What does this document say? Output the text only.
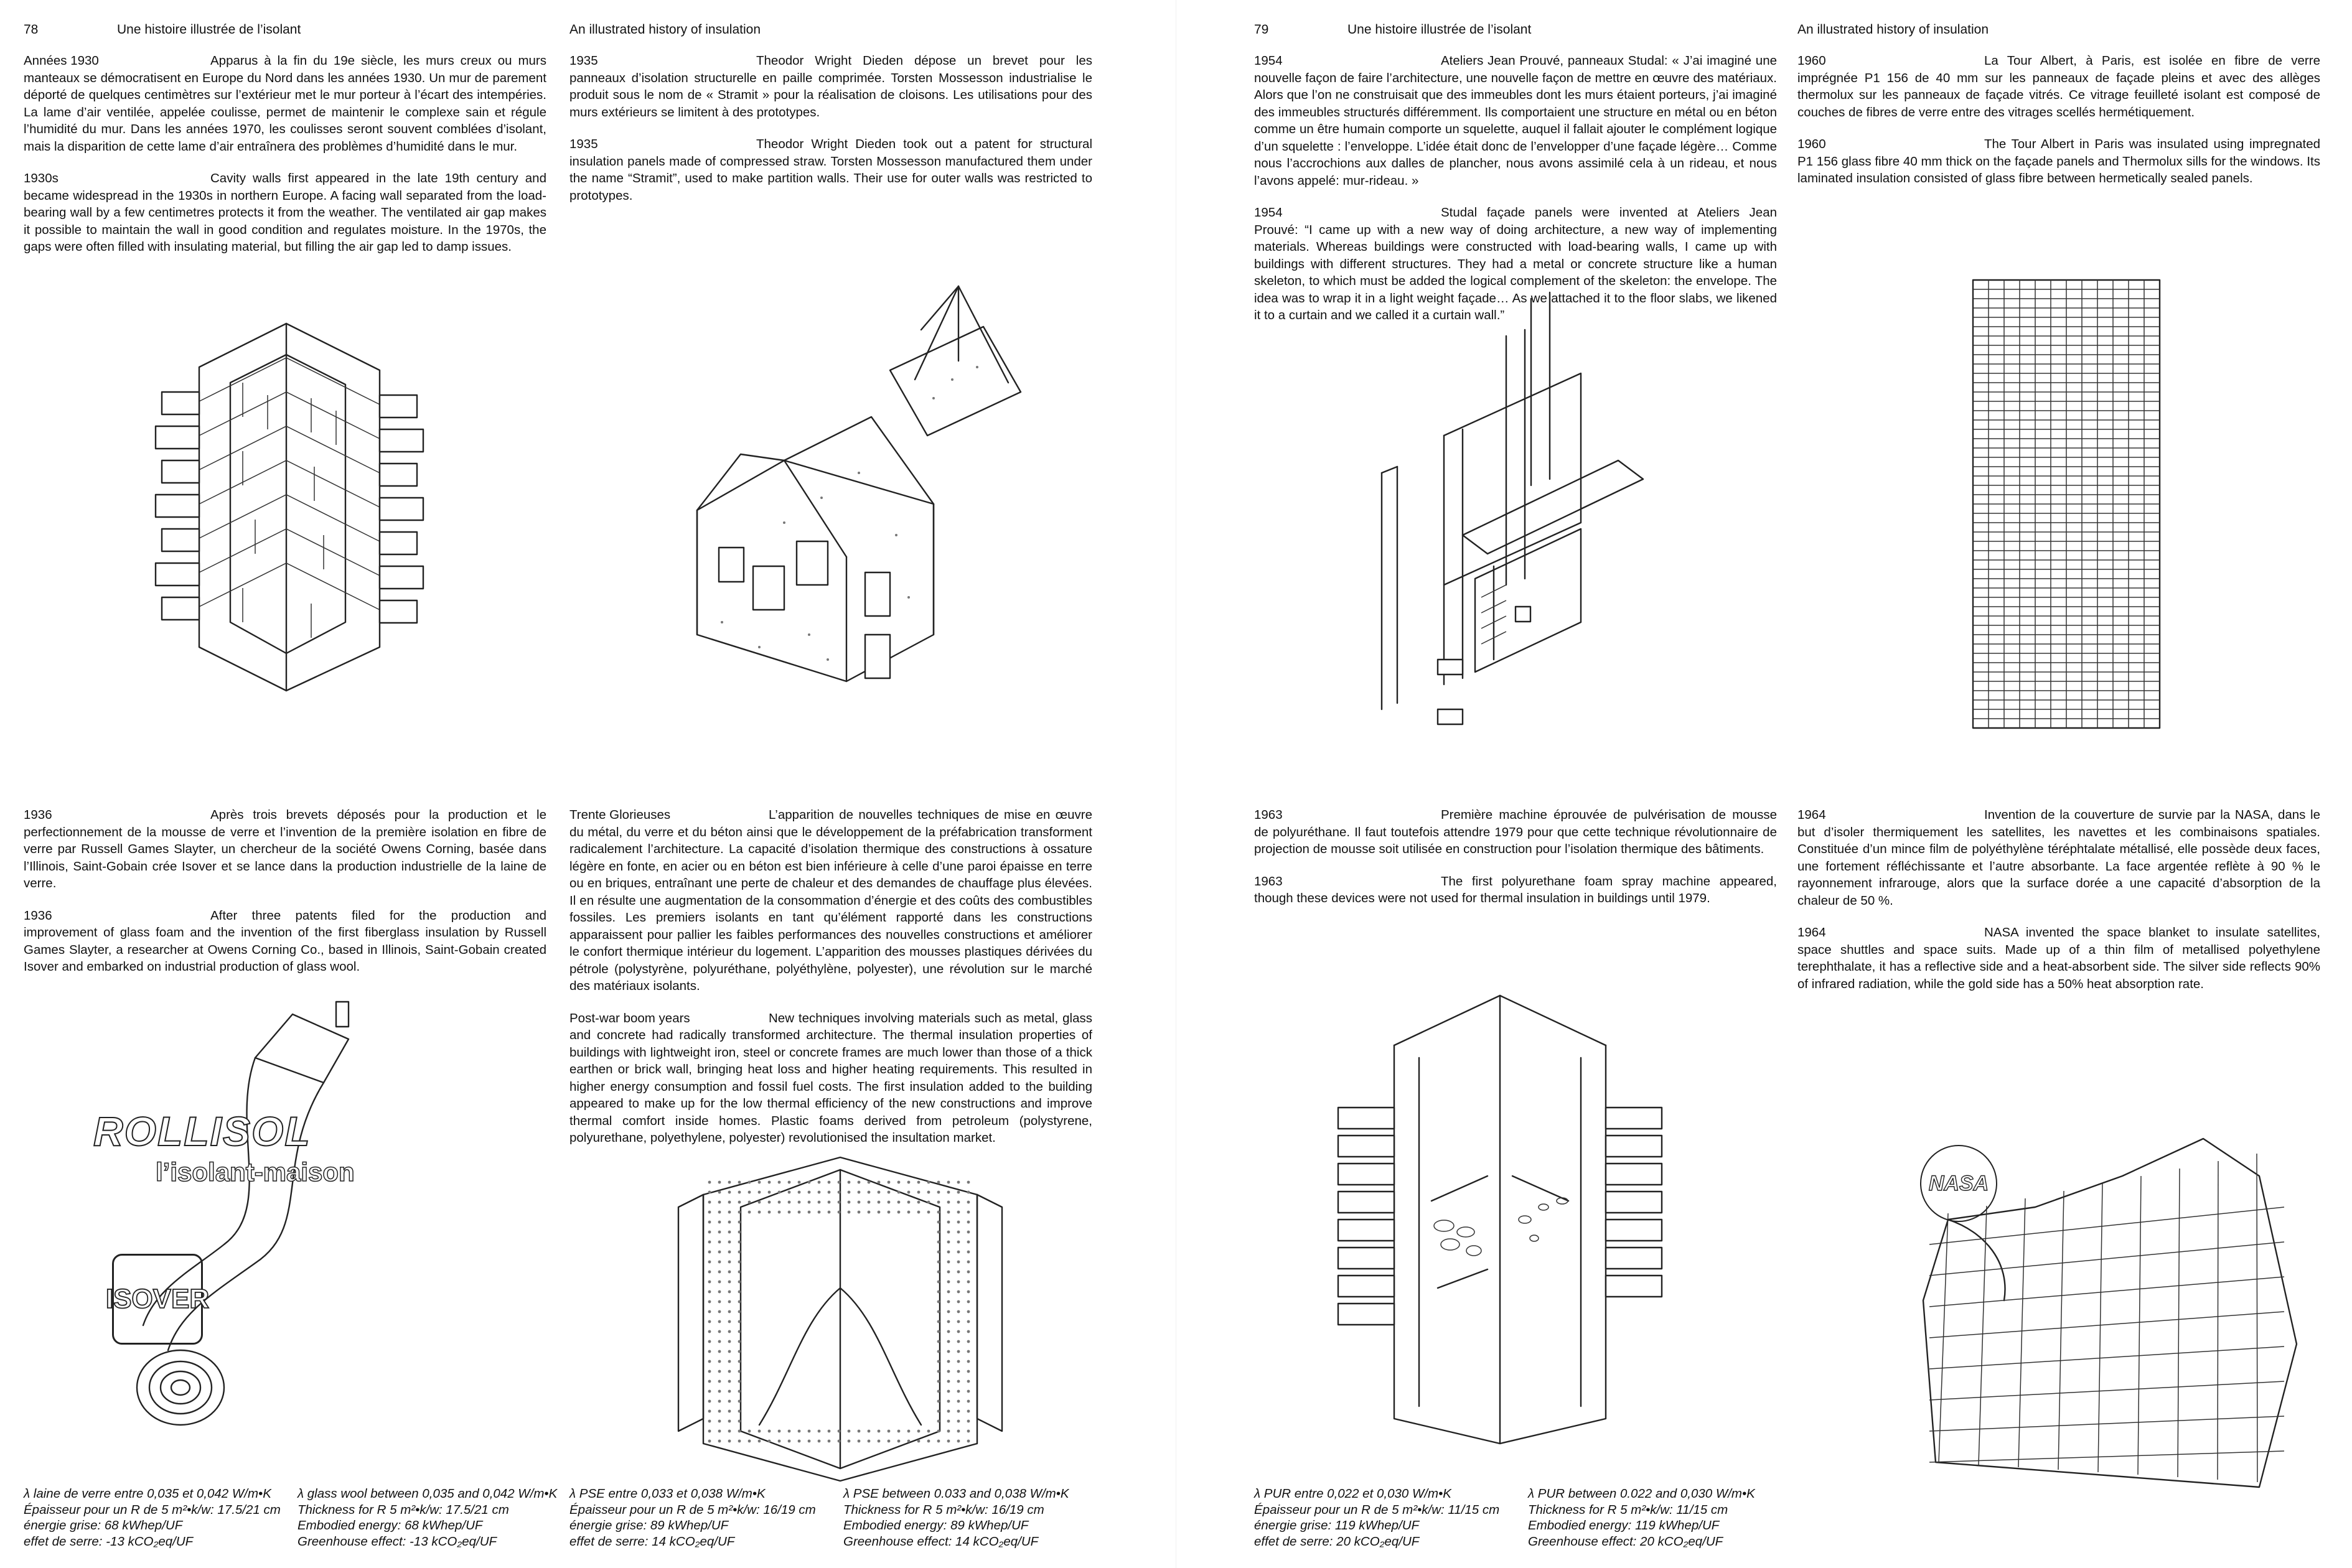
78	Une histoire illustrée de l’isolant	An illustrated history of insulation	79	Une histoire illustrée de l’isolant	An illustrated history of insulation

Années 1930	Apparus à la fin du 19e siècle, les murs creux ou murs manteaux se démocratisent en Europe du Nord dans les années 1930. Un mur de parement déporté de quelques centimètres sur l’extérieur met le mur porteur à l’écart des intempéries. La lame d’air ventilée, appelée coulisse, permet de maintenir le complexe sain et régule l’humidité du mur. Dans les années 1970, les coulisses seront souvent comblées d’isolant, mais la disparition de cette lame d’air entraînera des problèmes d’humidité dans le mur.

1930s	Cavity walls first appeared in the late 19th century and became widespread in the 1930s in northern Europe. A facing wall separated from the load-bearing wall by a few centimetres protects it from the weather. The ventilated air gap makes it possible to maintain the wall in good condition and regulates moisture. In the 1970s, the gaps were often filled with insulating material, but filling the air gap led to damp issues.

1935	Theodor Wright Dieden dépose un brevet pour les panneaux d’isolation structurelle en paille comprimée. Torsten Mossesson industrialise le produit sous le nom de « Stramit » pour la réalisation de cloisons. Les utilisations pour des murs extérieurs se limitent à des prototypes.

1935	Theodor Wright Dieden took out a patent for structural insulation panels made of compressed straw. Torsten Mossesson manufactured them under the name “Stramit”, used to make partition walls. Their use for outer walls was restricted to prototypes.

1936	Après trois brevets déposés pour la production et le perfectionnement de la mousse de verre et l’invention de la première isolation en fibre de verre par Russell Games Slayter, un chercheur de la société Owens Corning, basée dans l’Illinois, Saint-Gobain crée Isover et se lance dans la production industrielle de la laine de verre.

1936	After three patents filed for the production and improvement of glass foam and the invention of the first fiberglass insulation by Russell Games Slayter, a researcher at Owens Corning Co., based in Illinois, Saint-Gobain created Isover and embarked on industrial production of glass wool.

Trente Glorieuses	L’apparition de nouvelles techniques de mise en œuvre du métal, du verre et du béton ainsi que le développement de la préfabrication transforment radicalement l’architecture. La capacité d’isolation thermique des constructions à ossature légère en fonte, en acier ou en béton est bien inférieure à celle d’une paroi épaisse en terre ou en briques, entraînant une perte de chaleur et des demandes de chauffage plus élevées. Il en résulte une augmentation de la consommation d’énergie et des coûts des combustibles fossiles. Les premiers isolants en tant qu’élément rapporté dans les constructions apparaissent pour pallier les faibles performances des nouvelles constructions et améliorer le confort thermique intérieur du logement. L’apparition des mousses plastiques dérivées du pétrole (polystyrène, polyuréthane, polyéthylène, polyester), une révolution sur le marché des matériaux isolants.

Post-war boom years	New techniques involving materials such as metal, glass and concrete had radically transformed architecture. The thermal insulation properties of buildings with lightweight iron, steel or concrete frames are much lower than those of a thick earthen or brick wall, bringing heat loss and higher heating requirements. This resulted in higher energy consumption and fossil fuel costs. The first insulation added to the building appeared to make up for the low thermal efficiency of the new constructions and improve thermal comfort inside homes. Plastic foams derived from petroleum (polystyrene, polyurethane, polyethylene, polyester) revolutionised the insultation market.

1954	Ateliers Jean Prouvé, panneaux Studal: « J’ai imaginé une nouvelle façon de faire l’architecture, une nouvelle façon de mettre en œuvre des matériaux. Alors que l’on ne construisait que des immeubles dont les murs étaient porteurs, j’ai imaginé des immeubles structurés différemment. Ils comportaient une structure en métal ou en béton comme un être humain comporte un squelette, auquel il fallait ajouter le complément logique d’un squelette : l’enveloppe. L’idée était donc de l’envelopper d’une façade légère… Comme nous l’accrochions aux dalles de plancher, nous avons assimilé cela à un rideau, et nous l’avons appelé: mur-rideau. »

1954	Studal façade panels were invented at Ateliers Jean Prouvé: “I came up with a new way of doing architecture, a new way of implementing materials. Whereas buildings were constructed with load-bearing walls, I came up with buildings with different structures. They had a metal or concrete structure like a human skeleton, to which must be added the logical complement of the skeleton: the envelope. The idea was to wrap it in a light weight façade… As we attached it to the floor slabs, we likened it to a curtain and we called it a curtain wall.”

1960	La Tour Albert, à Paris, est isolée en fibre de verre imprégnée P1 156 de 40 mm sur les panneaux de façade pleins et avec des allèges thermolux sur les panneaux de façade vitrés. Ce vitrage feuilleté isolant est composé de couches de fibres de verre entre des vitrages scellés hermétiquement.

1960	The Tour Albert in Paris was insulated using impregnated P1 156 glass fibre 40 mm thick on the façade panels and Thermolux sills for the windows. Its laminated insulation consisted of glass fibre between hermetically sealed panels.

1963	Première machine éprouvée de pulvérisation de mousse de polyuréthane. Il faut toutefois attendre 1979 pour que cette technique révolutionnaire de projection de mousse soit utilisée en construction pour l’isolation thermique des bâtiments.

1963	The first polyurethane foam spray machine appeared, though these devices were not used for thermal insulation in buildings until 1979.

1964	Invention de la couverture de survie par la NASA, dans le but d’isoler thermiquement les satellites, les navettes et les combinaisons spatiales. Constituée d’un mince film de polyéthylène téréphtalate métallisé, elle possède deux faces, une fortement réfléchissante et l’autre absorbante. La face argentée reflète à 90 % le rayonnement infrarouge, alors que la surface dorée a une capacité d’absorption de la chaleur de 50 %.

1964	NASA invented the space blanket to insulate satellites, space shuttles and space suits. Made up of a thin film of metallised polyethylene terephthalate, it has a reflective side and a heat-absorbent side. The silver side reflects 90% of infrared radiation, while the gold side has a 50% heat absorption rate.

ROLLISOL
l’isolant-maison
ISOVER
NASA
λ laine de verre entre 0,035 et 0,042 W/m•K
Épaisseur pour un R de 5 m²•k/w: 17.5/21 cm
énergie grise: 68 kWhep/UF
effet de serre: -13 kCO₂eq/UF
λ glass wool between 0,035 and 0,042 W/m•K
Thickness for R 5 m²•k/w: 17.5/21 cm
Embodied energy: 68 kWhep/UF
Greenhouse effect: -13 kCO₂eq/UF
λ PSE entre 0,033 et 0,038 W/m•K
Épaisseur pour un R de 5 m²•k/w: 16/19 cm
énergie grise: 89 kWhep/UF
effet de serre: 14 kCO₂eq/UF
λ PSE between 0.033 and 0,038 W/m•K
Thickness for R 5 m²•k/w: 16/19 cm
Embodied energy: 89 kWhep/UF
Greenhouse effect: 14 kCO₂eq/UF
λ PUR entre 0,022 et 0,030 W/m•K
Épaisseur pour un R de 5 m²•k/w: 11/15 cm
énergie grise: 119 kWhep/UF
effet de serre: 20 kCO₂eq/UF
λ PUR between 0.022 and 0,030 W/m•K
Thickness for R 5 m²•k/w: 11/15 cm
Embodied energy: 119 kWhep/UF
Greenhouse effect: 20 kCO₂eq/UF
